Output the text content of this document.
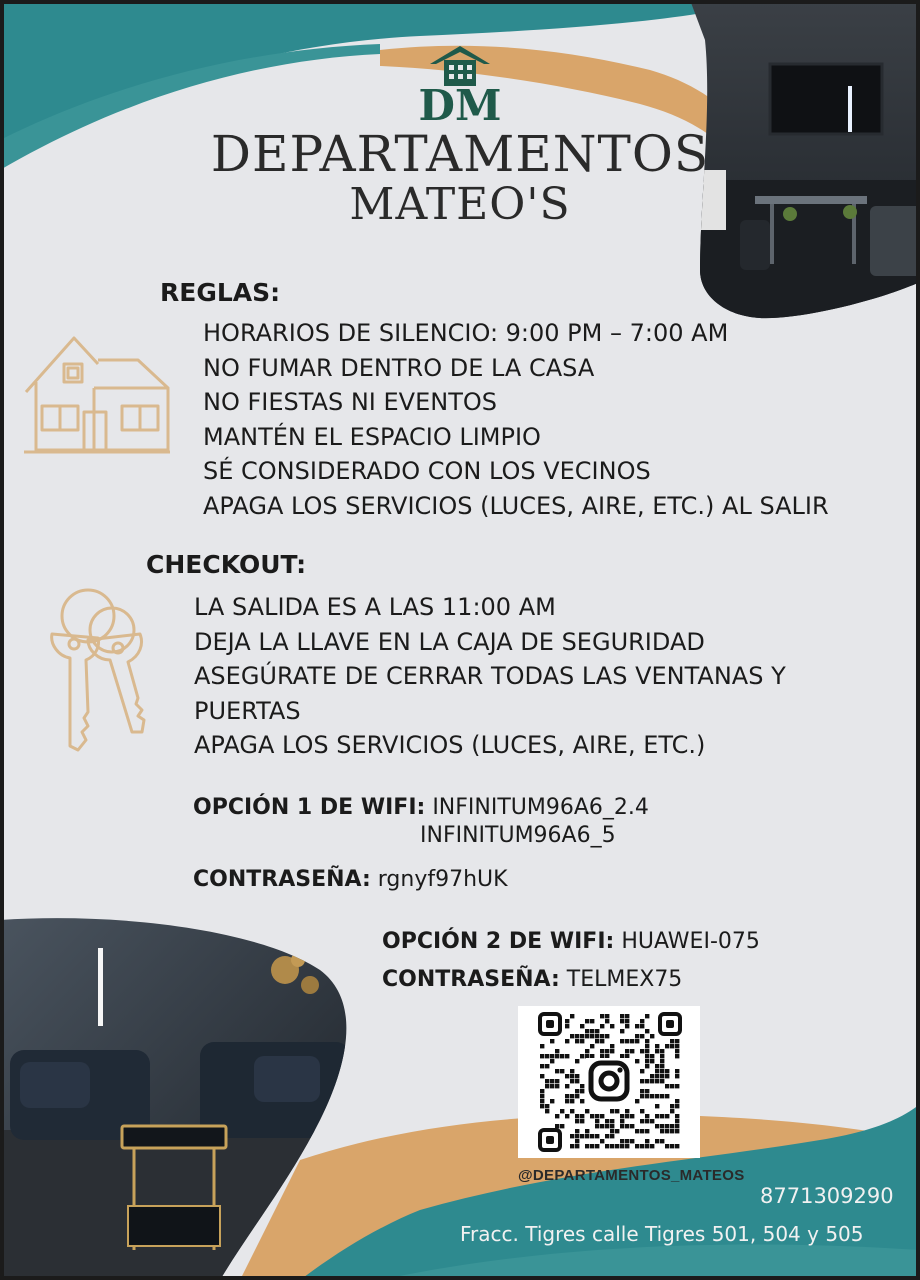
DM
DEPARTAMENTOS
MATEO'S
REGLAS:
HORARIOS DE SILENCIO: 9:00 PM – 7:00 AM
NO FUMAR DENTRO DE LA CASA
NO FIESTAS NI EVENTOS
MANTÉN EL ESPACIO LIMPIO
SÉ CONSIDERADO CON LOS VECINOS
APAGA LOS SERVICIOS (LUCES, AIRE, ETC.) AL SALIR
CHECKOUT:
LA SALIDA ES A LAS 11:00 AM
DEJA LA LLAVE EN LA CAJA DE SEGURIDAD
ASEGÚRATE DE CERRAR TODAS LAS VENTANAS Y
PUERTAS
APAGA LOS SERVICIOS (LUCES, AIRE, ETC.)
OPCIÓN 1 DE WIFI: INFINITUM96A6_2.4
INFINITUM96A6_5
CONTRASEÑA: rgnyf97hUK
OPCIÓN 2 DE WIFI: HUAWEI-075
CONTRASEÑA: TELMEX75
@DEPARTAMENTOS_MATEOS
8771309290
Fracc. Tigres calle Tigres 501, 504 y 505
